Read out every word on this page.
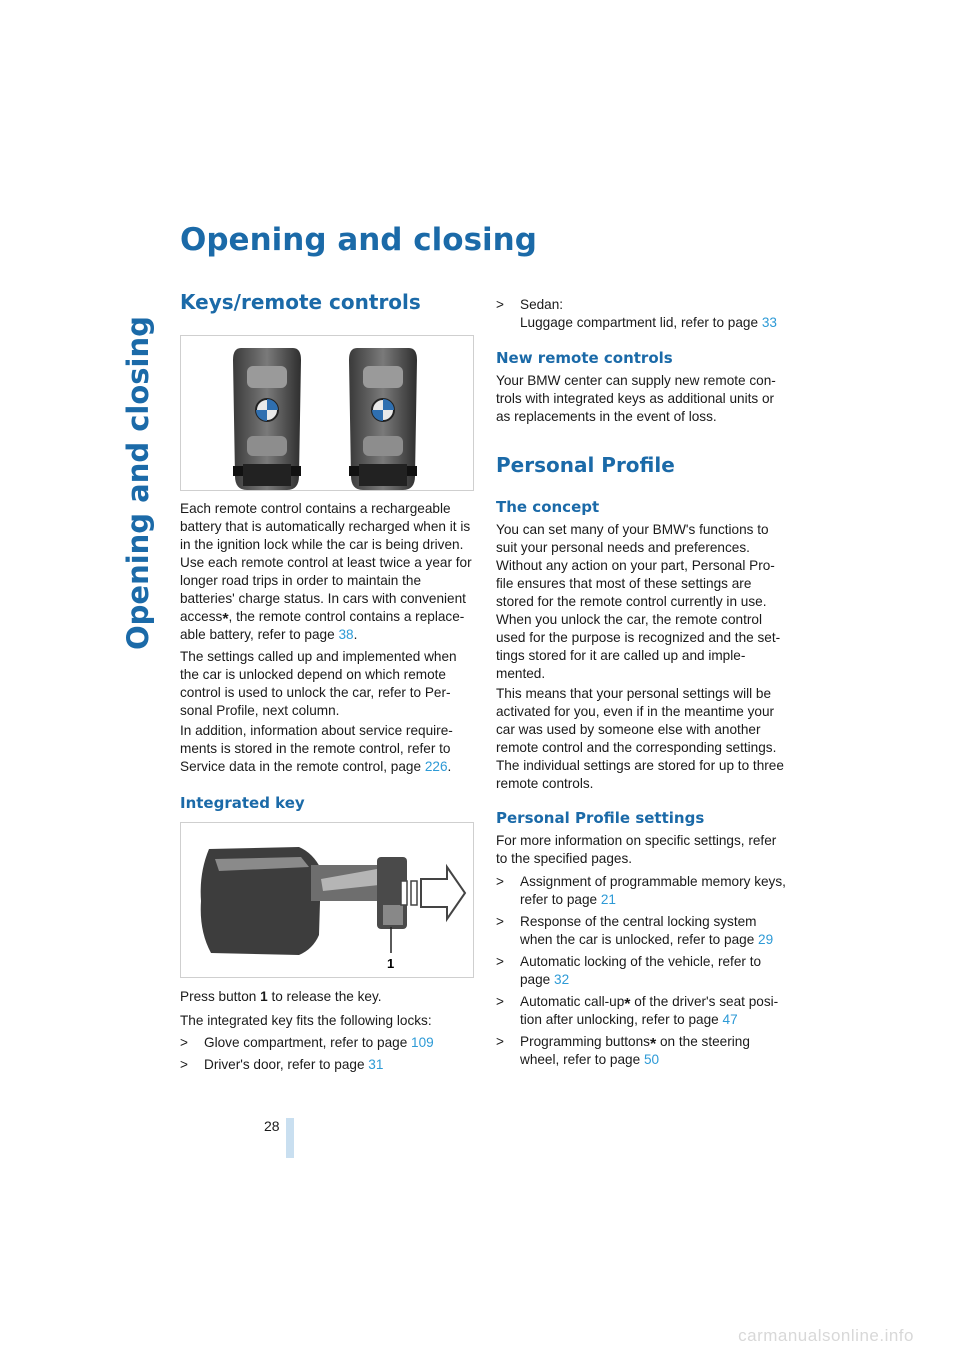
Opening and closing
Opening and closing
Keys/remote controls

Each remote control contains a rechargeable battery that is automatically recharged when it is in the ignition lock while the car is being driven. Use each remote control at least twice a year for longer road trips in order to maintain the batteries' charge status. In cars with convenient access*, the remote control contains a replace-able battery, refer to page 38.

The settings called up and implemented when the car is unlocked depend on which remote control is used to unlock the car, refer to Per-sonal Profile, next column.

In addition, information about service require-ments is stored in the remote control, refer to Service data in the remote control, page 226.

Integrated key
1

Press button 1 to release the key.

The integrated key fits the following locks:

> Glove compartment, refer to page 109

> Driver's door, refer to page 31

> Sedan:
Luggage compartment lid, refer to page 33

New remote controls

Your BMW center can supply new remote con-trols with integrated keys as additional units or as replacements in the event of loss.

Personal Profile
The concept

You can set many of your BMW's functions to suit your personal needs and preferences. Without any action on your part, Personal Pro-file ensures that most of these settings are stored for the remote control currently in use. When you unlock the car, the remote control used for the purpose is recognized and the set-tings stored for it are called up and imple-mented.

This means that your personal settings will be activated for you, even if in the meantime your car was used by someone else with another remote control and the corresponding settings. The individual settings are stored for up to three remote controls.

Personal Profile settings

For more information on specific settings, refer to the specified pages.

> Assignment of programmable memory keys, refer to page 21

> Response of the central locking system when the car is unlocked, refer to page 29

> Automatic locking of the vehicle, refer to page 32

> Automatic call-up* of the driver's seat posi-tion after unlocking, refer to page 47

> Programming buttons* on the steering wheel, refer to page 50

28

carmanualsonline.info
